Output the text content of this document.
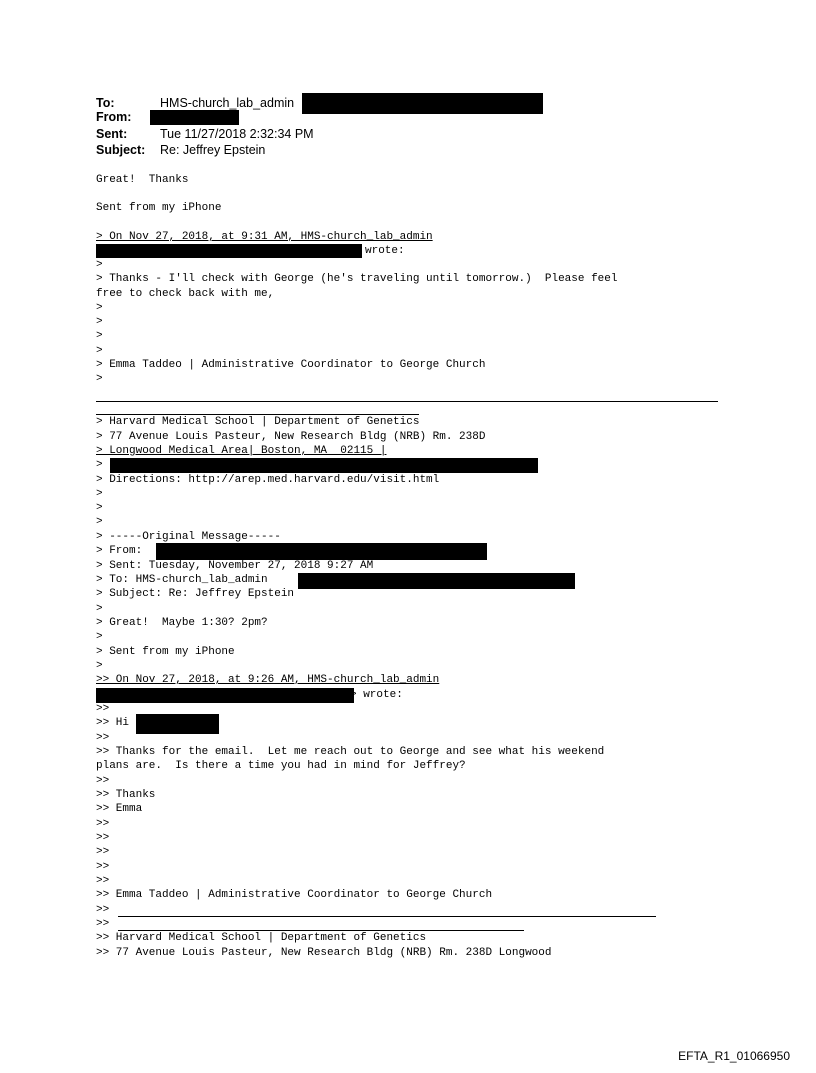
To:	HMS-church_lab_admin
From:
Sent:	Tue 11/27/2018 2:32:34 PM
Subject: Re: Jeffrey Epstein
Great!  Thanks
Sent from my iPhone
> On Nov 27, 2018, at 9:31 AM, HMS-church_lab_admin
wrote:
>
> Thanks - I'll check with George (he's traveling until tomorrow.)  Please feel
free to check back with me,
>
>
>
>
> Emma Taddeo | Administrative Coordinator to George Church
>
> Harvard Medical School | Department of Genetics
> 77 Avenue Louis Pasteur, New Research Bldg (NRB) Rm. 238D
> Longwood Medical Area| Boston, MA  02115 |
>
> Directions: http://arep.med.harvard.edu/visit.html
>
>
>
> -----Original Message-----
> From:
> Sent: Tuesday, November 27, 2018 9:27 AM
> To: HMS-church_lab_admin
> Subject: Re: Jeffrey Epstein
>
> Great!  Maybe 1:30? 2pm?
>
> Sent from my iPhone
>
>> On Nov 27, 2018, at 9:26 AM, HMS-church_lab_admin
> wrote:
>>
>> Hi
>>
>> Thanks for the email.  Let me reach out to George and see what his weekend
plans are.  Is there a time you had in mind for Jeffrey?
>>
>> Thanks
>> Emma
>>
>>
>>
>>
>>
>> Emma Taddeo | Administrative Coordinator to George Church
>>
>>
>> Harvard Medical School | Department of Genetics
>> 77 Avenue Louis Pasteur, New Research Bldg (NRB) Rm. 238D Longwood
EFTA_R1_01066950
